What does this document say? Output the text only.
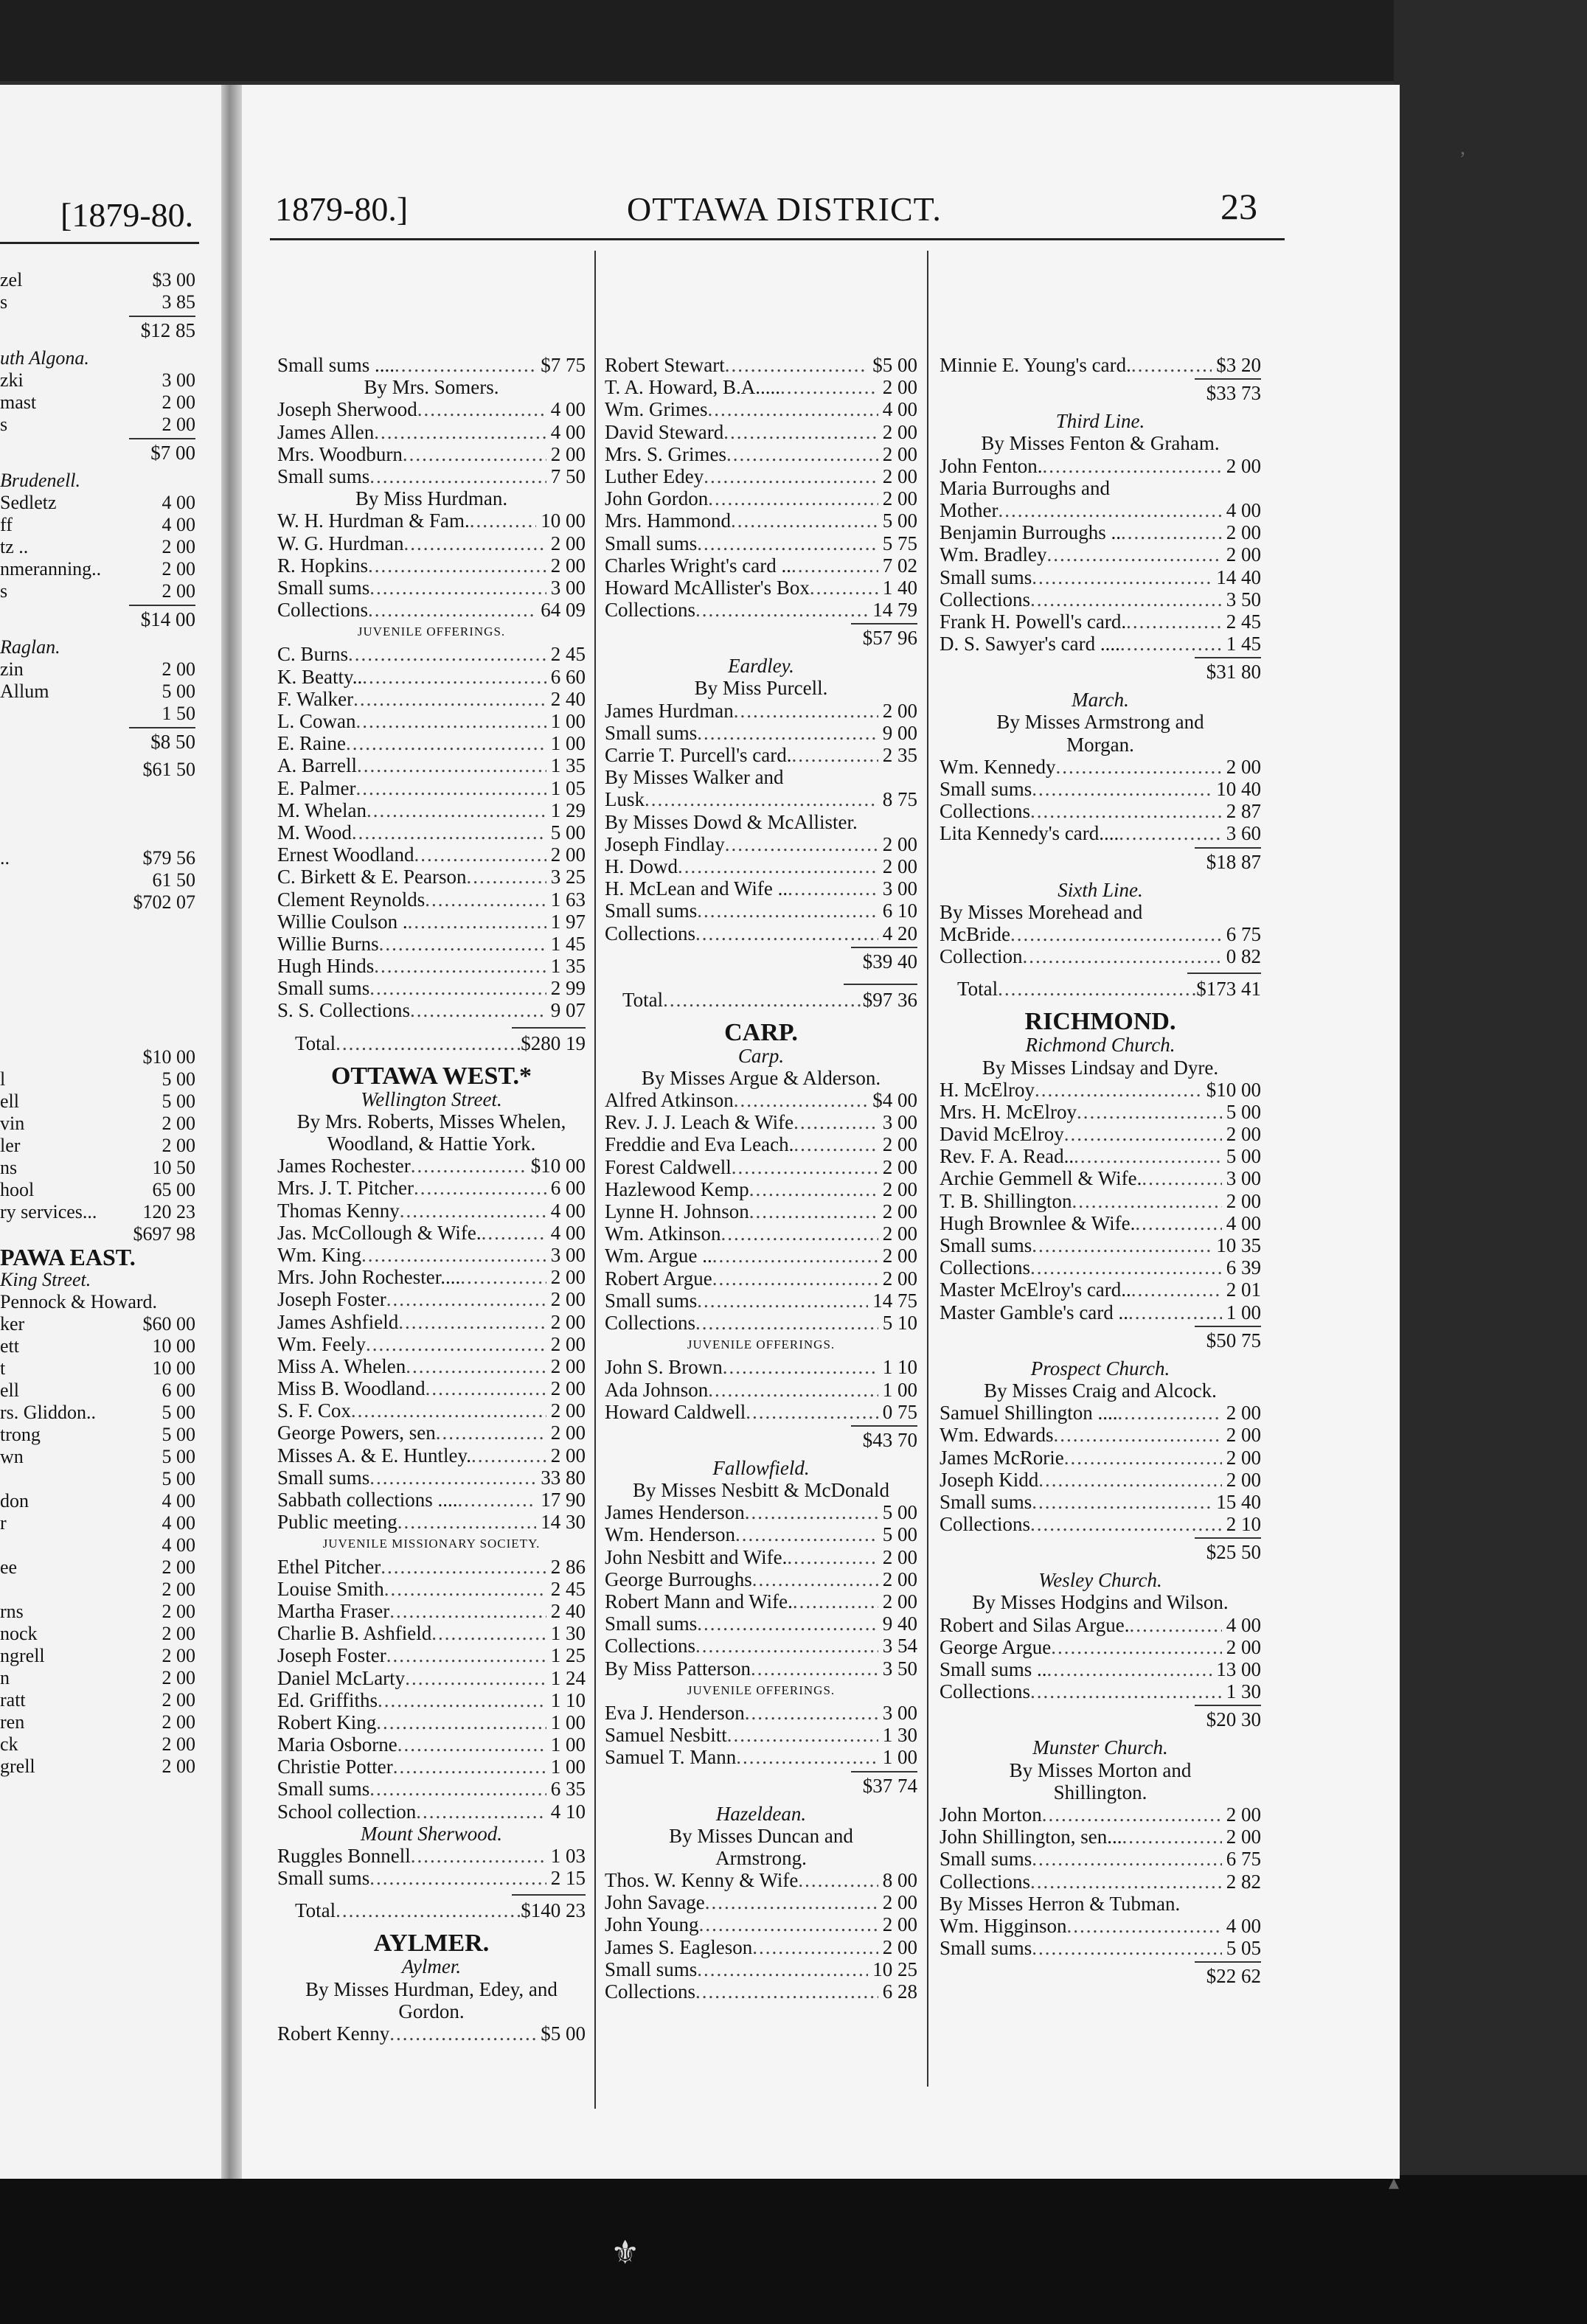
[1879-80.
zel	$3 00
s	3 85
$12 85
uth Algona.
zki	3 00
mast	2 00
s	2 00
$7 00
Brudenell.
Sedletz	4 00
ff	4 00
tz ..	2 00
nmeranning..	2 00
s	2 00
$14 00
Raglan.
zin	2 00
Allum	5 00
1 50
$8 50
$61 50
..	$79 56
61 50
$702 07
$10 00
l	5 00
ell	5 00
vin	2 00
ler	2 00
ns	10 50
hool	65 00
ry services... 120 23
$697 98
PAWA EAST.
King Street.
Pennock & Howard.
ker	$60 00
ett	10 00
t	10 00
ell	6 00
rs. Gliddon..	5 00
trong	5 00
wn	5 00
5 00
don	4 00
r	4 00
4 00
ee	2 00
2 00
rns	2 00
nock	2 00
ngrell	2 00
n	2 00
ratt	2 00
ren	2 00
ck	2 00
grell	2 00
1879-80.]	OTTAWA DISTRICT.	23
Small sums .... .....	$7 75
By Mrs. Somers.
Joseph Sherwood .....	4 00
James Allen .....	4 00
Mrs. Woodburn .....	2 00
Small sums .....	7 50
By Miss Hurdman.
W. H. Hurdman & Fam. .....	10 00
W. G. Hurdman .....	2 00
R. Hopkins .....	2 00
Small sums .....	3 00
Collections .....	64 09
JUVENILE OFFERINGS.
C. Burns .....	2 45
K. Beatty.. .....	6 60
F. Walker .....	2 40
L. Cowan .....	1 00
E. Raine .....	1 00
A. Barrell .....	1 35
E. Palmer .....	1 05
M. Whelan .....	1 29
M. Wood .....	5 00
Ernest Woodland .....	2 00
C. Birkett & E. Pearson .....	3 25
Clement Reynolds .....	1 63
Willie Coulson . .....	1 97
Willie Burns .....	1 45
Hugh Hinds .....	1 35
Small sums .....	2 99
S. S. Collections .....	9 07
Total .....	$280 19
OTTAWA WEST.*
Wellington Street.
By Mrs. Roberts, Misses Whelen,
Woodland, & Hattie York.
James Rochester .....	$10 00
Mrs. J. T. Pitcher .....	6 00
Thomas Kenny .....	4 00
Jas. McCollough & Wife. .....	4 00
Wm. King .....	3 00
Mrs. John Rochester.... .....	2 00
Joseph Foster .....	2 00
James Ashfield .....	2 00
Wm. Feely .....	2 00
Miss A. Whelen .....	2 00
Miss B. Woodland .....	2 00
S. F. Cox .....	2 00
George Powers, sen .....	2 00
Misses A. & E. Huntley. .....	2 00
Small sums .....	33 80
Sabbath collections .... .....	17 90
Public meeting .....	14 30
JUVENILE MISSIONARY SOCIETY.
Ethel Pitcher .....	2 86
Louise Smith .....	2 45
Martha Fraser .....	2 40
Charlie B. Ashfield .....	1 30
Joseph Foster .....	1 25
Daniel McLarty .....	1 24
Ed. Griffiths .....	1 10
Robert King .....	1 00
Maria Osborne .....	1 00
Christie Potter .....	1 00
Small sums .....	6 35
School collection .....	4 10
Mount Sherwood.
Ruggles Bonnell .....	1 03
Small sums .....	2 15
Total .....	$140 23
AYLMER.
Aylmer.
By Misses Hurdman, Edey, and
Gordon.
Robert Kenny .....	$5 00
Robert Stewart .....	$5 00
T. A. Howard, B.A..... .....	2 00
Wm. Grimes .....	4 00
David Steward .....	2 00
Mrs. S. Grimes .....	2 00
Luther Edey .....	2 00
John Gordon .....	2 00
Mrs. Hammond .....	5 00
Small sums .....	5 75
Charles Wright's card .. .....	7 02
Howard McAllister's Box .....	1 40
Collections .....	14 79
$57 96
Eardley.
By Miss Purcell.
James Hurdman .....	2 00
Small sums .....	9 00
Carrie T. Purcell's card. .....	2 35
By Misses Walker and
Lusk .....	8 75
By Misses Dowd & McAllister.
Joseph Findlay .....	2 00
H. Dowd .....	2 00
H. McLean and Wife .. .....	3 00
Small sums .....	6 10
Collections .....	4 20
$39 40
Total .....	$97 36
CARP.
Carp.
By Misses Argue & Alderson.
Alfred Atkinson .....	$4 00
Rev. J. J. Leach & Wife .....	3 00
Freddie and Eva Leach. .....	2 00
Forest Caldwell .....	2 00
Hazlewood Kemp .....	2 00
Lynne H. Johnson .....	2 00
Wm. Atkinson .....	2 00
Wm. Argue .. .....	2 00
Robert Argue .....	2 00
Small sums .....	14 75
Collections .....	5 10
JUVENILE OFFERINGS.
John S. Brown .....	1 10
Ada Johnson .....	1 00
Howard Caldwell .....	0 75
$43 70
Fallowfield.
By Misses Nesbitt & McDonald
James Henderson .....	5 00
Wm. Henderson .....	5 00
John Nesbitt and Wife. .....	2 00
George Burroughs .....	2 00
Robert Mann and Wife. .....	2 00
Small sums .....	9 40
Collections .....	3 54
By Miss Patterson .....	3 50
JUVENILE OFFERINGS.
Eva J. Henderson .....	3 00
Samuel Nesbitt .....	1 30
Samuel T. Mann .....	1 00
$37 74
Hazeldean.
By Misses Duncan and
Armstrong.
Thos. W. Kenny & Wife .....	8 00
John Savage .....	2 00
John Young .....	2 00
James S. Eagleson .....	2 00
Small sums .....	10 25
Collections .....	6 28
Minnie E. Young's card. .....	$3 20
$33 73
Third Line.
By Misses Fenton & Graham.
John Fenton. .....	2 00
Maria Burroughs and
Mother .....	4 00
Benjamin Burroughs .. .....	2 00
Wm. Bradley .....	2 00
Small sums .....	14 40
Collections .....	3 50
Frank H. Powell's card. .....	2 45
D. S. Sawyer's card .... .....	1 45
$31 80
March.
By Misses Armstrong and
Morgan.
Wm. Kennedy .....	2 00
Small sums .....	10 40
Collections .....	2 87
Lita Kennedy's card.... .....	3 60
$18 87
Sixth Line.
By Misses Morehead and
McBride .....	6 75
Collection .....	0 82
Total .....	$173 41
RICHMOND.
Richmond Church.
By Misses Lindsay and Dyre.
H. McElroy .....	$10 00
Mrs. H. McElroy .....	5 00
David McElroy .....	2 00
Rev. F. A. Read.. .....	5 00
Archie Gemmell & Wife. .....	3 00
T. B. Shillington .....	2 00
Hugh Brownlee & Wife. .....	4 00
Small sums .....	10 35
Collections .....	6 39
Master McElroy's card.. .....	2 01
Master Gamble's card .. .....	1 00
$50 75
Prospect Church.
By Misses Craig and Alcock.
Samuel Shillington .... .....	2 00
Wm. Edwards .....	2 00
James McRorie .....	2 00
Joseph Kidd .....	2 00
Small sums .....	15 40
Collections .....	2 10
$25 50
Wesley Church.
By Misses Hodgins and Wilson.
Robert and Silas Argue. .....	4 00
George Argue .....	2 00
Small sums .. .....	13 00
Collections .....	1 30
$20 30
Munster Church.
By Misses Morton and
Shillington.
John Morton .....	2 00
John Shillington, sen... .....	2 00
Small sums .....	6 75
Collections .....	2 82
By Misses Herron & Tubman.
Wm. Higginson .....	4 00
Small sums .....	5 05
$22 62
,
▴
⚜
